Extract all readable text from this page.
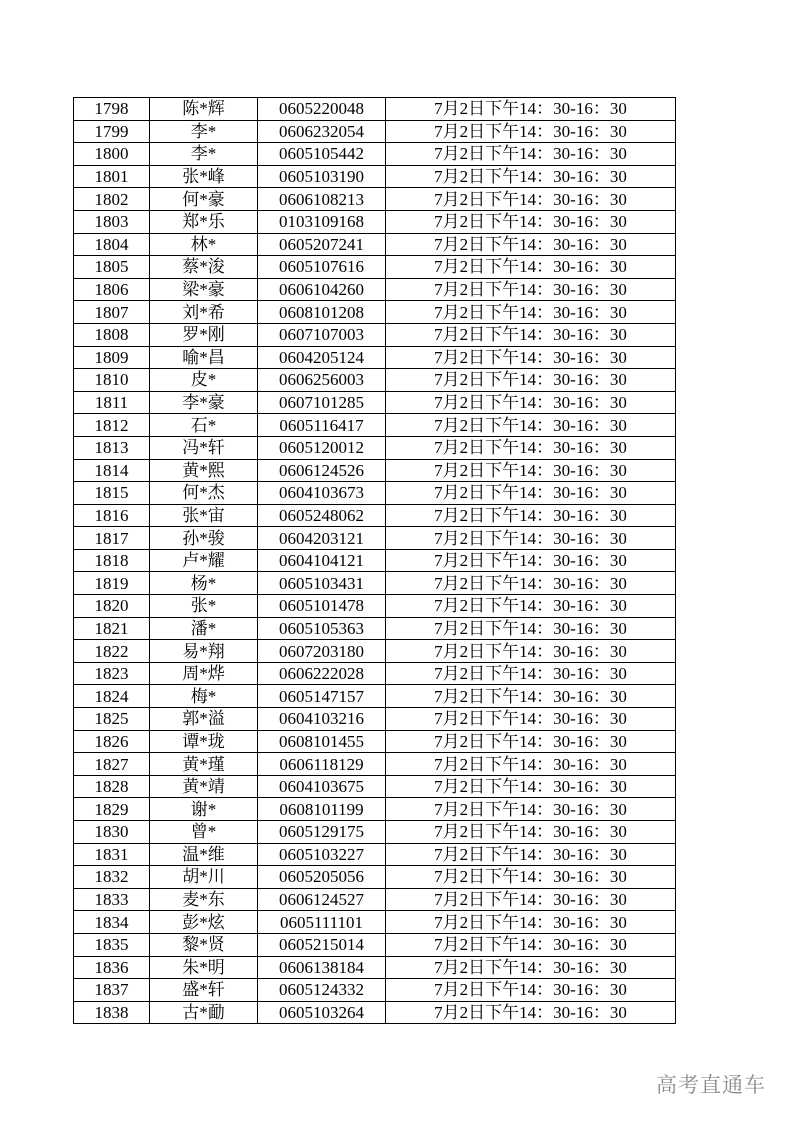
1798	陈*辉	0605220048	7月2日下午14：30-16：30
1799	李*	0606232054	7月2日下午14：30-16：30
1800	李*	0605105442	7月2日下午14：30-16：30
1801	张*峰	0605103190	7月2日下午14：30-16：30
1802	何*豪	0606108213	7月2日下午14：30-16：30
1803	郑*乐	0103109168	7月2日下午14：30-16：30
1804	林*	0605207241	7月2日下午14：30-16：30
1805	蔡*浚	0605107616	7月2日下午14：30-16：30
1806	梁*豪	0606104260	7月2日下午14：30-16：30
1807	刘*希	0608101208	7月2日下午14：30-16：30
1808	罗*刚	0607107003	7月2日下午14：30-16：30
1809	喻*昌	0604205124	7月2日下午14：30-16：30
1810	皮*	0606256003	7月2日下午14：30-16：30
1811	李*豪	0607101285	7月2日下午14：30-16：30
1812	石*	0605116417	7月2日下午14：30-16：30
1813	冯*轩	0605120012	7月2日下午14：30-16：30
1814	黄*熙	0606124526	7月2日下午14：30-16：30
1815	何*杰	0604103673	7月2日下午14：30-16：30
1816	张*宙	0605248062	7月2日下午14：30-16：30
1817	孙*骏	0604203121	7月2日下午14：30-16：30
1818	卢*耀	0604104121	7月2日下午14：30-16：30
1819	杨*	0605103431	7月2日下午14：30-16：30
1820	张*	0605101478	7月2日下午14：30-16：30
1821	潘*	0605105363	7月2日下午14：30-16：30
1822	易*翔	0607203180	7月2日下午14：30-16：30
1823	周*烨	0606222028	7月2日下午14：30-16：30
1824	梅*	0605147157	7月2日下午14：30-16：30
1825	郭*溢	0604103216	7月2日下午14：30-16：30
1826	谭*珑	0608101455	7月2日下午14：30-16：30
1827	黄*瑾	0606118129	7月2日下午14：30-16：30
1828	黄*靖	0604103675	7月2日下午14：30-16：30
1829	谢*	0608101199	7月2日下午14：30-16：30
1830	曾*	0605129175	7月2日下午14：30-16：30
1831	温*维	0605103227	7月2日下午14：30-16：30
1832	胡*川	0605205056	7月2日下午14：30-16：30
1833	麦*东	0606124527	7月2日下午14：30-16：30
1834	彭*炫	0605111101	7月2日下午14：30-16：30
1835	黎*贤	0605215014	7月2日下午14：30-16：30
1836	朱*明	0606138184	7月2日下午14：30-16：30
1837	盛*轩	0605124332	7月2日下午14：30-16：30
1838	古*勔	0605103264	7月2日下午14：30-16：30
高考直通车
